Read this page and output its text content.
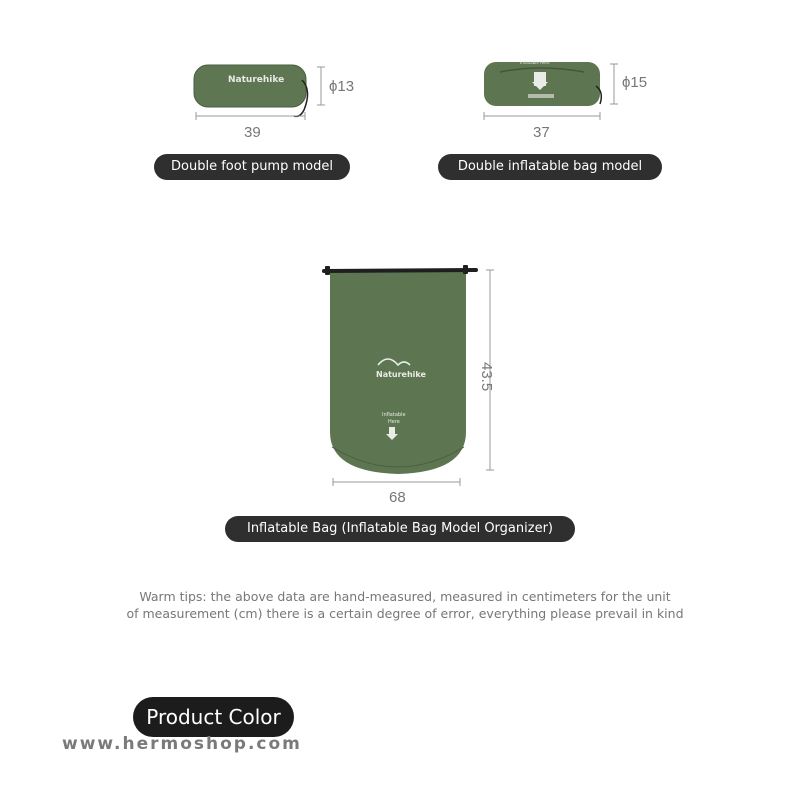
Naturehike	ϕ13
39
Double foot pump model
Inflatable Here
ϕ15
37
Double inflatable bag model
Naturehike
Inflatable
Here
43.5
68
Inflatable Bag (Inflatable Bag Model Organizer)
Warm tips: the above data are hand-measured, measured in centimeters for the unit
of measurement (cm) there is a certain degree of error, everything please prevail in kind
Product Color
www.hermoshop.com
